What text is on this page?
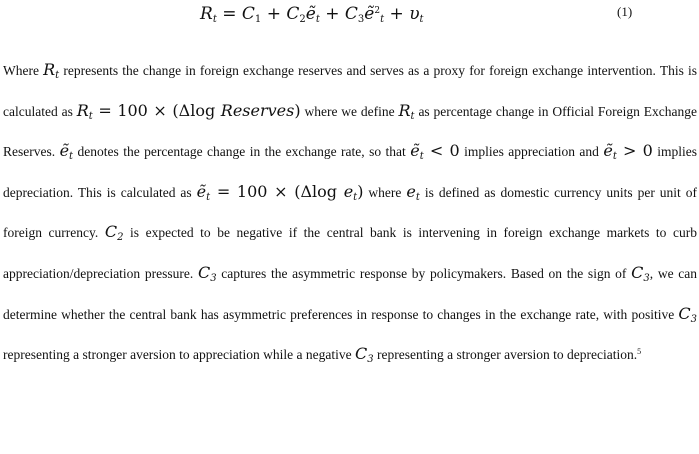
$R_t = C_1$ + $C_2ẽ_t$ + $C_3ẽ^2_t + \upsilon_t$
(1)
Where $R_t$ represents the change in foreign exchange reserves and serves as a proxy for foreign exchange intervention. This is calculated as $R_t = 100 \times (\Delta\log$ Reserves) where we define $R_t$ as percentage change in Official Foreign Exchange Reserves. ẽ$_t$ denotes the percentage change in the exchange rate, so that ẽ$_t$ < 0 implies appreciation and ẽ$_t$ > 0 implies depreciation. This is calculated as ẽ$_t$ = 100 × (Δlog $e_t$) where $e_t$ is defined as domestic currency units per unit of foreign currency. $C_2$ is expected to be negative if the central bank is intervening in foreign exchange markets to curb appreciation/depreciation pressure. $C_3$ captures the asymmetric response by policymakers. Based on the sign of $C_3$, we can determine whether the central bank has asymmetric preferences in response to changes in the exchange rate, with positive $C_3$ representing a stronger aversion to appreciation while a negative $C_3$ representing a stronger aversion to depreciation.$^5$
